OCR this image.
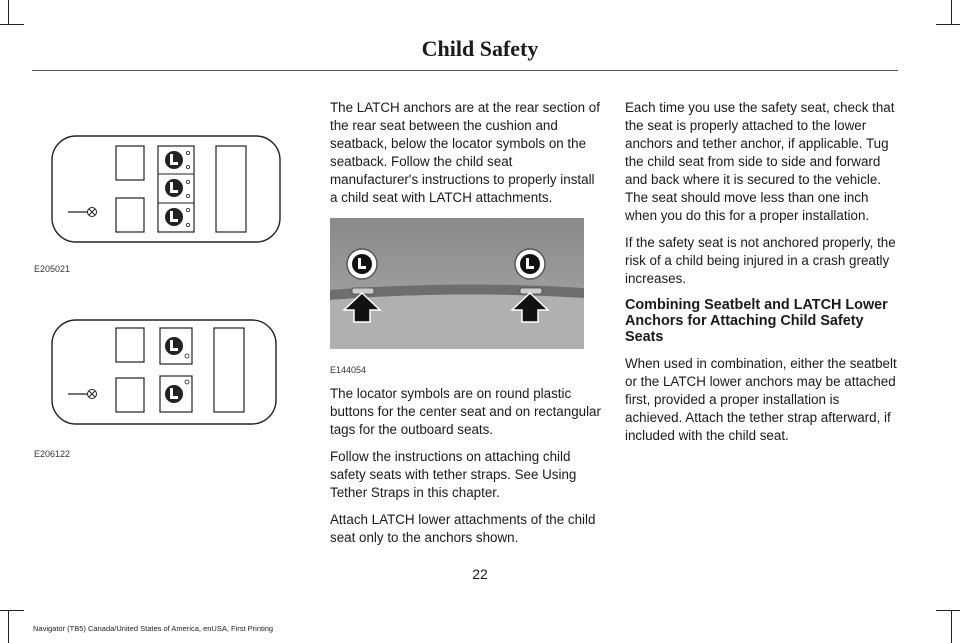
Child Safety
E205021
E206122

The LATCH anchors are at the rear section of the rear seat between the cushion and seatback, below the locator symbols on the seatback. Follow the child seat manufacturer's instructions to properly install a child seat with LATCH attachments.

E144054

The locator symbols are on round plastic buttons for the center seat and on rectangular tags for the outboard seats.

Follow the instructions on attaching child safety seats with tether straps. See Using Tether Straps in this chapter.

Attach LATCH lower attachments of the child seat only to the anchors shown.

Each time you use the safety seat, check that the seat is properly attached to the lower anchors and tether anchor, if applicable. Tug the child seat from side to side and forward and back where it is secured to the vehicle. The seat should move less than one inch when you do this for a proper installation.

If the safety seat is not anchored properly, the risk of a child being injured in a crash greatly increases.

Combining Seatbelt and LATCH Lower Anchors for Attaching Child Safety Seats

When used in combination, either the seatbelt or the LATCH lower anchors may be attached first, provided a proper installation is achieved. Attach the tether strap afterward, if included with the child seat.

22
Navigator (TB5) Canada/United States of America, enUSA, First Printing
